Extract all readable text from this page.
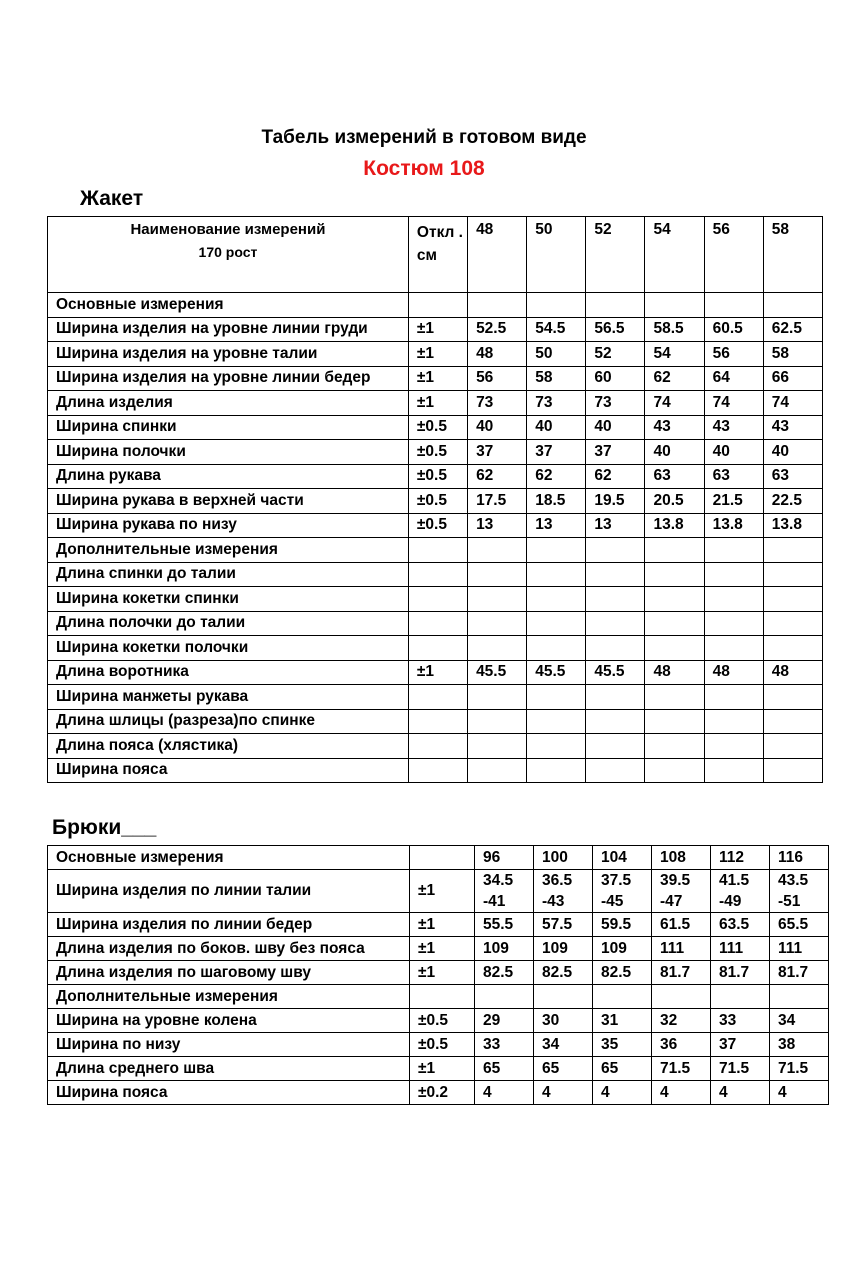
Табель измерений в готовом виде
Костюм 108
Жакет
Наименование измерений
170 рост	Откл . см	48	50	52	54	56	58
Основные измерения							
Ширина изделия на уровне линии груди	±1	52.5	54.5	56.5	58.5	60.5	62.5
Ширина изделия на уровне талии	±1	48	50	52	54	56	58
Ширина изделия на уровне линии бедер	±1	56	58	60	62	64	66
Длина изделия	±1	73	73	73	74	74	74
Ширина спинки	±0.5	40	40	40	43	43	43
Ширина полочки	±0.5	37	37	37	40	40	40
Длина рукава	±0.5	62	62	62	63	63	63
Ширина рукава в верхней части	±0.5	17.5	18.5	19.5	20.5	21.5	22.5
Ширина рукава по низу	±0.5	13	13	13	13.8	13.8	13.8
Дополнительные измерения							
Длина спинки до талии							
Ширина кокетки спинки							
Длина полочки до талии							
Ширина кокетки полочки							
Длина воротника	±1	45.5	45.5	45.5	48	48	48
Ширина манжеты рукава							
Длина шлицы (разреза)по спинке							
Длина пояса (хлястика)							
Ширина пояса							
Брюки___
Основные измерения		96	100	104	108	112	116
Ширина изделия по линии талии	±1	34.5 -41	36.5 -43	37.5 -45	39.5 -47	41.5 -49	43.5 -51
Ширина изделия по линии бедер	±1	55.5	57.5	59.5	61.5	63.5	65.5
Длина изделия по боков. шву без пояса	±1	109	109	109	111	111	111
Длина изделия по шаговому шву	±1	82.5	82.5	82.5	81.7	81.7	81.7
Дополнительные измерения							
Ширина на уровне колена	±0.5	29	30	31	32	33	34
Ширина по низу	±0.5	33	34	35	36	37	38
Длина среднего шва	±1	65	65	65	71.5	71.5	71.5
Ширина пояса	±0.2	4	4	4	4	4	4
